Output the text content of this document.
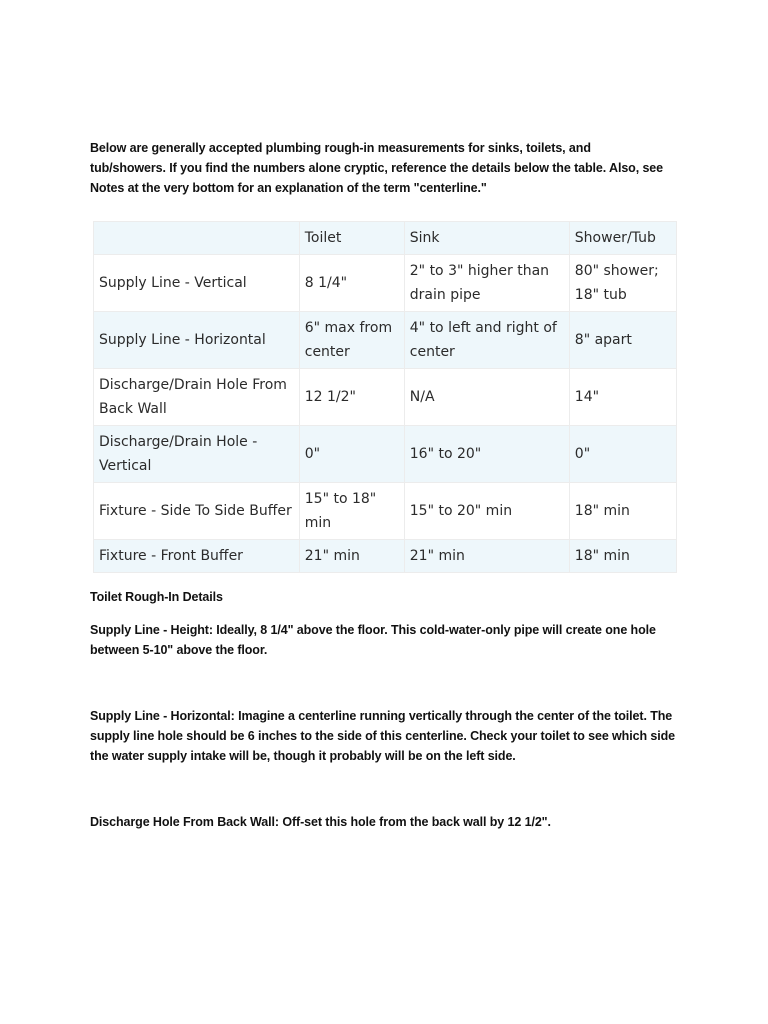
Below are generally accepted plumbing rough-in measurements for sinks, toilets, and tub/showers. If you find the numbers alone cryptic, reference the details below the table. Also, see Notes at the very bottom for an explanation of the term "centerline."

	Toilet	Sink	Shower/Tub
Supply Line - Vertical	8 1/4"	2" to 3" higher than drain pipe	80" shower; 18" tub
Supply Line - Horizontal	6" max from center	4" to left and right of center	8" apart
Discharge/Drain Hole From Back Wall	12 1/2"	N/A	14"
Discharge/Drain Hole - Vertical	0"	16" to 20"	0"
Fixture - Side To Side Buffer	15" to 18" min	15" to 20" min	18" min
Fixture - Front Buffer	21" min	21" min	18" min

Toilet Rough-In Details

Supply Line - Height: Ideally, 8 1/4" above the floor. This cold-water-only pipe will create one hole between 5-10" above the floor.

Supply Line - Horizontal: Imagine a centerline running vertically through the center of the toilet. The supply line hole should be 6 inches to the side of this centerline. Check your toilet to see which side the water supply intake will be, though it probably will be on the left side.

Discharge Hole From Back Wall: Off-set this hole from the back wall by 12 1/2".
